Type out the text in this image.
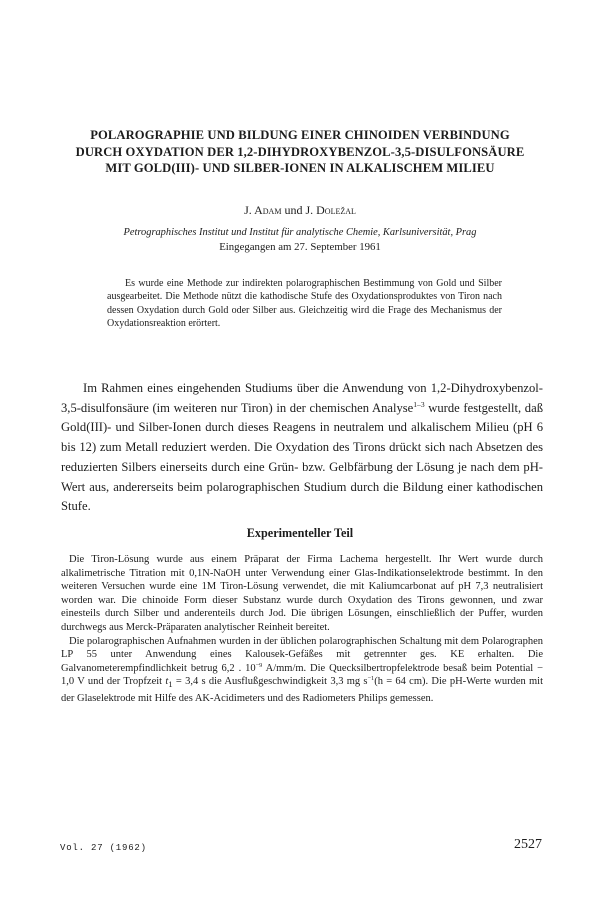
POLAROGRAPHIE UND BILDUNG EINER CHINOIDEN VERBINDUNG
DURCH OXYDATION DER 1,2-DIHYDROXYBENZOL-3,5-DISULFONSÄURE
MIT GOLD(III)- UND SILBER-IONEN IN ALKALISCHEM MILIEU
J. Adam und J. Doležal
Petrographisches Institut und Institut für analytische Chemie, Karlsuniversität, Prag
Eingegangen am 27. September 1961
Es wurde eine Methode zur indirekten polarographischen Bestimmung von Gold und Silber ausgearbeitet. Die Methode nützt die kathodische Stufe des Oxydationsproduktes von Tiron nach dessen Oxydation durch Gold oder Silber aus. Gleichzeitig wird die Frage des Mechanismus der Oxydationsreaktion erörtert.
Im Rahmen eines eingehenden Studiums über die Anwendung von 1,2-Dihydroxybenzol-3,5-disulfonsäure (im weiteren nur Tiron) in der chemischen Analyse$^{1-3}$ wurde festgestellt, daß Gold(III)- und Silber-Ionen durch dieses Reagens in neutralem und alkalischem Milieu (pH 6 bis 12) zum Metall reduziert werden. Die Oxydation des Tirons drückt sich nach Absetzen des reduzierten Silbers einerseits durch eine Grün- bzw. Gelbfärbung der Lösung je nach dem pH-Wert aus, andererseits beim polarographischen Studium durch die Bildung einer kathodischen Stufe.
Experimenteller Teil

Die Tiron-Lösung wurde aus einem Präparat der Firma Lachema hergestellt. Ihr Wert wurde durch alkalimetrische Titration mit 0,1N-NaOH unter Verwendung einer Glas-Indikationselektrode bestimmt. In den weiteren Versuchen wurde eine 1M Tiron-Lösung verwendet, die mit Kaliumcarbonat auf pH 7,3 neutralisiert worden war. Die chinoide Form dieser Substanz wurde durch Oxydation des Tirons gewonnen, und zwar einesteils durch Silber und anderenteils durch Jod. Die übrigen Lösungen, einschließlich der Puffer, wurden durchwegs aus Merck-Präparaten analytischer Reinheit bereitet.

Die polarographischen Aufnahmen wurden in der üblichen polarographischen Schaltung mit dem Polarographen LP 55 unter Anwendung eines Kalousek-Gefäßes mit getrennter ges. KE erhalten. Die Galvanometerempfindlichkeit betrug 6,2 . $10^{-9}$ A/mm/m. Die Quecksilbertropfelektrode besaß beim Potential − 1,0 V und der Tropfzeit $t_1 = 3,4$ s die Ausflußgeschwindigkeit 3,3 mg $s^{-1}(h = 64$ cm). Die pH-Werte wurden mit der Glaselektrode mit Hilfe des AK-Acidimeters und des Radiometers Philips gemessen.

Vol. 27 (1962)	2527
